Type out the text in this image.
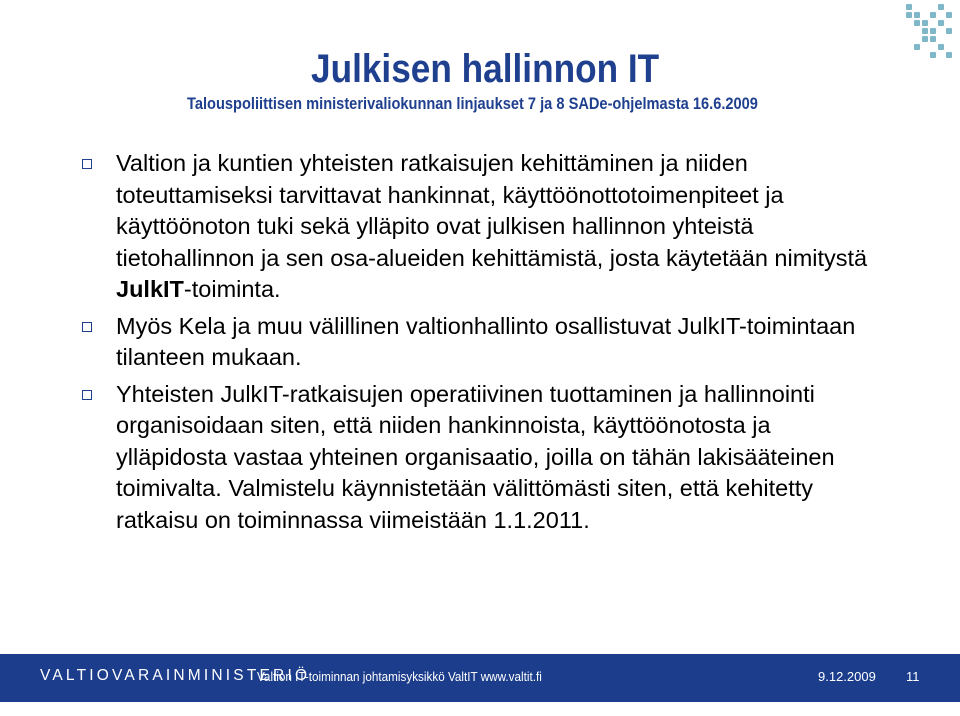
Julkisen hallinnon IT
Talouspoliittisen ministerivaliokunnan linjaukset 7 ja 8 SADe-ohjelmasta 16.6.2009
Valtion ja kuntien yhteisten ratkaisujen kehittäminen ja niiden toteuttamiseksi tarvittavat hankinnat, käyttöönottotoimenpiteet ja käyttöönoton tuki sekä ylläpito ovat julkisen hallinnon yhteistä tietohallinnon ja sen osa-alueiden kehittämistä, josta käytetään nimitystä JulkIT-toiminta.
Myös Kela ja muu välillinen valtionhallinto osallistuvat JulkIT-toimintaan tilanteen mukaan.
Yhteisten JulkIT-ratkaisujen operatiivinen tuottaminen ja hallinnointi organisoidaan siten, että niiden hankinnoista, käyttöönotosta ja ylläpidosta vastaa yhteinen organisaatio, joilla on tähän lakisääteinen toimivalta. Valmistelu käynnistetään välittömästi siten, että kehitetty ratkaisu on toiminnassa viimeistään 1.1.2011.
VALTIOVARAINMINISTERIÖ
Valtion IT-toiminnan johtamisyksikkö ValtIT www.valtit.fi	9.12.2009 11
